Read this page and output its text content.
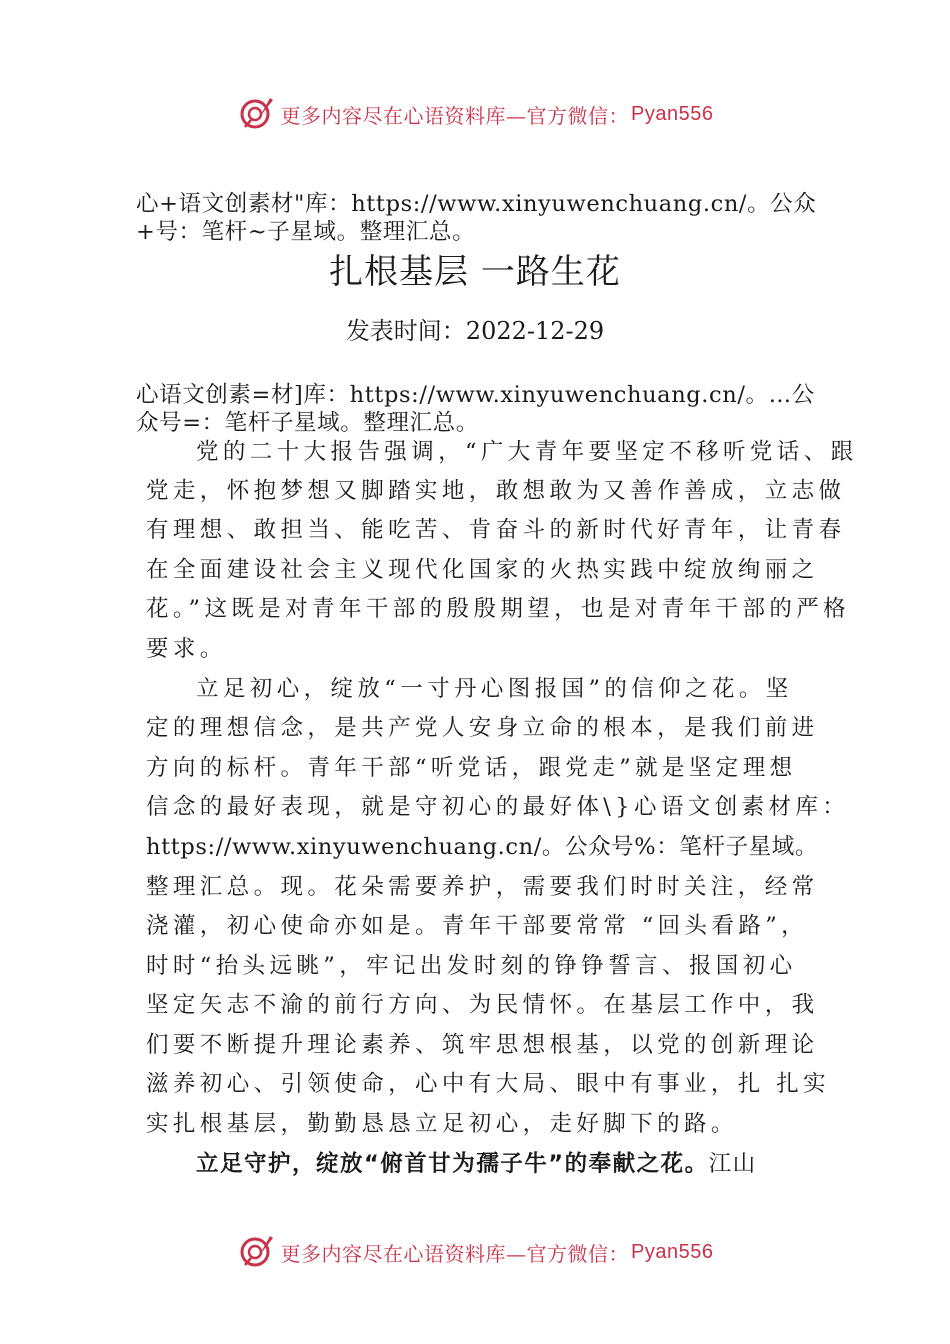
更多内容尽在心语资料库—官方微信： Pyan556
心+语文创素材"库：https://www.xinyuwenchuang.cn/。公众
+号：笔杆~子星域。整理汇总。
扎根基层 一路生花
发表时间：2022-12-29
心语文创素=材]库：https://www.xinyuwenchuang.cn/。…公
众号=：笔杆子星域。整理汇总。
党的二十大报告强调，“广大青年要坚定不移听党话、跟
党走，怀抱梦想又脚踏实地，敢想敢为又善作善成，立志做
有理想、敢担当、能吃苦、肯奋斗的新时代好青年，让青春
在全面建设社会主义现代化国家的火热实践中绽放绚丽之
花。”这既是对青年干部的殷殷期望，也是对青年干部的严格
要求。
立足初心，绽放“一寸丹心图报国”的信仰之花。坚
定的理想信念，是共产党人安身立命的根本，是我们前进
方向的标杆。青年干部“听党话，跟党走”就是坚定理想
信念的最好表现，就是守初心的最好体\}心语文创素材库：
https://www.xinyuwenchuang.cn/。公众号%：笔杆子星域。
整理汇总。现。花朵需要养护，需要我们时时关注，经常
浇灌，初心使命亦如是。青年干部要常常 “回头看路”，
时时“抬头远眺”，牢记出发时刻的铮铮誓言、报国初心
坚定矢志不渝的前行方向、为民情怀。在基层工作中，我
们要不断提升理论素养、筑牢思想根基，以党的创新理论
滋养初心、引领使命，心中有大局、眼中有事业，扎 扎实
实扎根基层，勤勤恳恳立足初心，走好脚下的路。
立足守护，绽放“俯首甘为孺子牛”的奉献之花。江山
更多内容尽在心语资料库—官方微信： Pyan556
